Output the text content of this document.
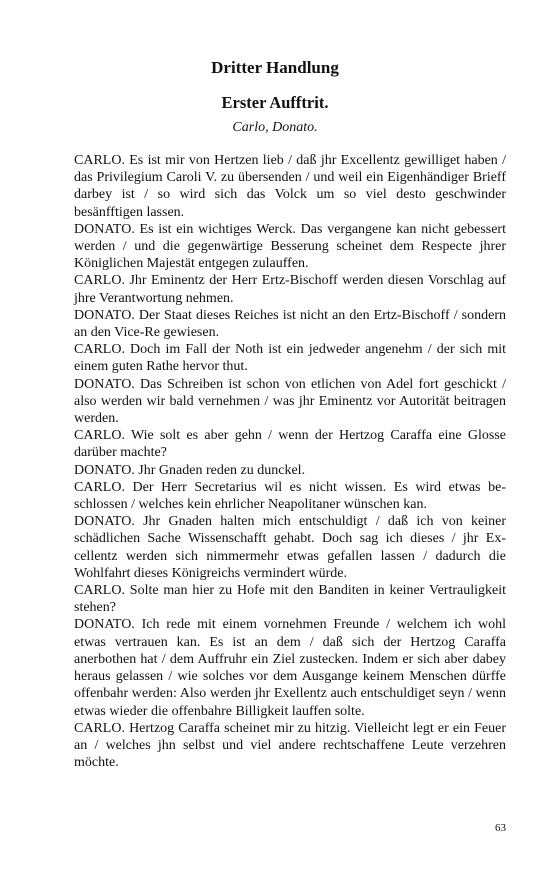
Dritter Handlung
Erster Aufftrit.
Carlo, Donato.

CARLO. Es ist mir von Hertzen lieb / daß jhr Excellentz gewilliget haben / das Privilegium Caroli V. zu übersenden / und weil ein Eigenhändiger Brieff darbey ist / so wird sich das Volck um so viel desto geschwinder besänfftigen lassen.

DONATO. Es ist ein wichtiges Werck. Das vergangene kan nicht gebessert werden / und die gegenwärtige Besserung scheinet dem Respecte jhrer Königlichen Majestät entgegen zulauffen.

CARLO. Jhr Eminentz der Herr Ertz-Bischoff werden diesen Vorschlag auf jhre Verantwortung nehmen.

DONATO. Der Staat dieses Reiches ist nicht an den Ertz-Bischoff / sondern an den Vice-Re gewiesen.

CARLO. Doch im Fall der Noth ist ein jedweder angenehm / der sich mit einem guten Rathe hervor thut.

DONATO. Das Schreiben ist schon von etlichen von Adel fort geschickt / also werden wir bald vernehmen / was jhr Eminentz vor Autorität beitragen werden.

CARLO. Wie solt es aber gehn / wenn der Hertzog Caraffa eine Glosse darüber machte?

DONATO. Jhr Gnaden reden zu dunckel.

CARLO. Der Herr Secretarius wil es nicht wissen. Es wird etwas beschlossen / welches kein ehrlicher Neapolitaner wünschen kan.

DONATO. Jhr Gnaden halten mich entschuldigt / daß ich von keiner schädlichen Sache Wissenschafft gehabt. Doch sag ich dieses / jhr Excellentz werden sich nimmermehr etwas gefallen lassen / dadurch die Wohlfahrt dieses Königreichs vermindert würde.

CARLO. Solte man hier zu Hofe mit den Banditen in keiner Vertrauligkeit stehen?

DONATO. Ich rede mit einem vornehmen Freunde / welchem ich wohl etwas vertrauen kan. Es ist an dem / daß sich der Hertzog Caraffa anerbothen hat / dem Auffruhr ein Ziel zustecken. Indem er sich aber dabey heraus gelassen / wie solches vor dem Ausgange keinem Menschen dürffe offenbahr werden: Also werden jhr Exellentz auch entschuldiget seyn / wenn etwas wieder die offenbahre Billigkeit lauffen solte.

CARLO. Hertzog Caraffa scheinet mir zu hitzig. Vielleicht legt er ein Feuer an / welches jhn selbst und viel andere rechtschaffene Leute verzehren möchte.

63
